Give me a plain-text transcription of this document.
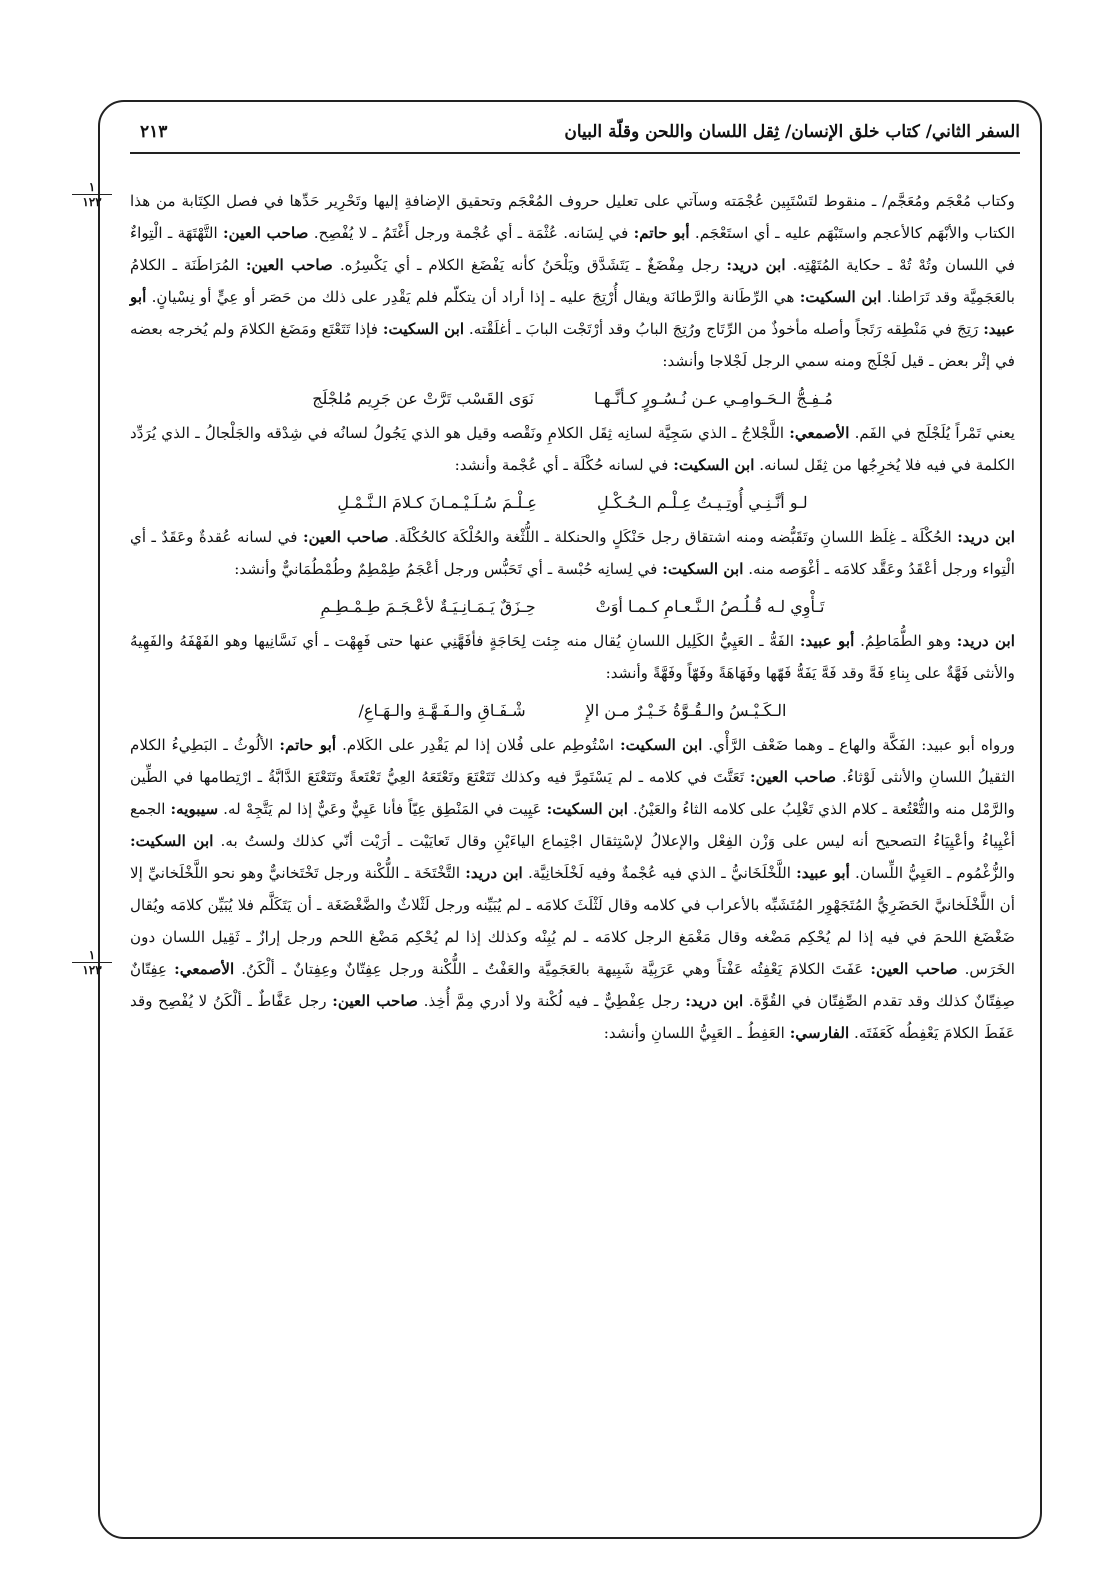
السفر الثاني/ كتاب خلق الإنسان/ ثِقل اللسان واللحن وقلّة البيان
٢١٣
١
١٢٢
١
١٢٣

وكتاب مُعْجَم ومُعَجَّم/ ـ منقوط لتَسْتَبِين عُجْمَته وسآتي على تعليل حروف المُعْجَم وتحقيق الإضافةِ إليها وتَحْرِير حَدِّها في فصل الكِتَابة من هذا الكتاب والأبْهَم كالأعجم واستَبْهَم عليه ـ أي استَعْجَم. أبو حاتم: في لِسَانه. عُثْمَة ـ أي عُجْمة ورجل أَغْتَمُ ـ لا يُفْصِح. صاحب العين: التَّهْتَهَة ـ الْتِواءٌ في اللسان وتُهْ تُهْ ـ حكاية المُتَهْتِه. ابن دريد: رجل مِفْضَغٌ ـ يَتَشَدَّق ويَلْحَنُ كأنه يَفْضَغ الكلام ـ أي يَكْسِرُه. صاحب العين: المُرَاطَنَة ـ الكلامُ بالعَجَمِيَّة وقد تَرَاطنا. ابن السكيت: هي الرِّطَانة والرَّطانَة ويقال أُرْتِجَ عليه ـ إذا أراد أن يتكلّم فلم يَقْدِر على ذلك من حَصَر أو عِيٍّ أو نِسْيانٍ. أبو عبيد: رَتِجَ في مَنْطِقه رَتَجاً وأصله مأخوذٌ من الرِّتَاج ورُتِجَ البابُ وقد أرْتَجْت البابَ ـ أغلَقْته. ابن السكيت: فإذا تَتَعْتَع ومَضَغ الكلامَ ولم يُخرجه بعضه في إثْر بعض ـ قيل لَجْلَج ومنه سمي الرجل لَجْلاجا وأنشد:

مُـفِـجُّ الـحَـوامِـي عـن نُـسُـورٍ كـأنَّـهـا
نَوَى القَسْب تَرَّتْ عن جَرِيم مُلجْلَج

يعني تَمْراً يُلَجْلَج في الفَم. الأصمعي: اللَّجْلاجُ ـ الذي سَجِيَّة لسانِه ثِقَل الكلامِ ونَقْصه وقيل هو الذي يَجُولُ لسانُه في شِدْقه والجَلْجالُ ـ الذي يُرَدِّد الكلمة في فيه فلا يُخرِجُها من ثِقَل لسانه. ابن السكيت: في لسانه حُكْلَة ـ أي عُجْمة وأنشد:

لـو أنَّـنِـي أُوتِـيـتُ عِـلْـم الـحُـكْـلِ
عِـلْـمَ سُـلَـيْـمـانَ كـلامَ الـنَّـمْـلِ

ابن دريد: الحُكْلَة ـ غِلَظ اللسانِ وتَقَبُّضه ومنه اشتقاق رجل حَنْكَلٍ والحنكلة ـ اللُّثْغة والحُلْكَة كالحُكْلَة. صاحب العين: في لسانه عُقدةٌ وعَقَدٌ ـ أي الْتِواء ورجل أعْقَدُ وعَقَّد كلامَه ـ أغْوَصه منه. ابن السكيت: في لِسانِه حُبْسة ـ أي تَحَبُّس ورجل أعْجَمُ طِمْطِمٌ وطُمْطُمَانيٌّ وأنشد:

تَـأْوِي لـه قُـلُـصُ الـنَّـعـامِ كـمـا أوَتْ
حِـزَقٌ يَـمَـانِـيَـةٌ لأعْـجَـمَ طِـمْـطِـمِ

ابن دريد: وهو الطُّمَاطِمُ. أبو عبيد: الفَهُّ ـ العَيِيُّ الكَلِيل اللسانِ يُقال منه جِئت لِحَاجَةٍ فأفَهَّنِي عنها حتى فَهِهْت ـ أي نَسَّانِيها وهو الفَهْفَهُ والفَهِيهُ والأنثى فَهَّةٌ على بِناءِ فَهَّ وقد فَهَّ يَفَهُّ فَهّها وفَهَاهَةً وفَهّاً وفَهَّةً وأنشد:

الـكَـيْـسُ والـقُـوَّةُ خَـيْـرٌ مـن الإِ
شْـفَـاقِ والـفَـهَّـةِ والـهَـاعِ/

ورواه أبو عبيد: الفَكَّة والهاع ـ وهما ضَعْف الرَّأْي. ابن السكيت: اسْتُوطِم على فُلان إذا لم يَقْدِر على الكَلام. أبو حاتم: الألُوثُ ـ البَطِيءُ الكلام الثقيلُ اللسانِ والأنثى لَوْثاءُ. صاحب العين: تَعَتَّتَ في كلامه ـ لم يَسْتَمِرَّ فيه وكذلك تَتَعْتَعَ وتَعْتَعَهُ العِيُّ تَعْتَعةً وتَتَعْتَعَ الدَّابَّةُ ـ ارْتِطامها في الطِّين والرَّمْل منه والتُّعْتُعة ـ كلام الذي تَغْلِبُ على كلامه الثاءُ والعَيْنُ. ابن السكيت: عَيِيت في المَنْطِق عِيّاً فأنا عَيِيٌّ وعَيٌّ إذا لم يَتَّجِهْ له. سيبويه: الجمع أغْيِياءُ وأعْيِيَاءُ التصحيح أنه ليس على وَزْن الفِعْل والإعلالُ لإسْتِثقال اجْتِماع الياءَيْنِ وقال تَعايَيْت ـ أرَيْت أنّي كذلك ولستُ به. ابن السكيت: والزُّغْمُوم ـ العَيِيُّ اللِّسان. أبو عبيد: اللَّخْلَخَانيُّ ـ الذي فيه عُجْمةٌ وفيه لَخْلَخانِيَّة. ابن دريد: التَّخْتَخَة ـ اللُّكْنة ورجل تَخْتَخانيٌّ وهو نحو اللَّخْلَخانيِّ إلا أن اللَّخْلَخانيَّ الحَضَرِيُّ المُتَجَهْوِر المُتَشَبِّه بالأعراب في كلامه وقال لَثْلَثَ كلامَه ـ لم يُبَيِّنه ورجل لَثْلاثٌ والضَّغْضَغَة ـ أن يَتَكَلَّم فلا يُبَيِّن كلامَه ويُقال ضَغْضَغ اللحمَ في فيه إذا لم يُحْكِم مَضْغه وقال مَغْمَغ الرجل كلامَه ـ لم يُبِنْه وكذلك إذا لم يُحْكِم مَضْغ اللحم ورجل إرازٌ ـ ثَقِيل اللسان دون الخَرَس. صاحب العين: عَفَتَ الكلامَ يَعْفِتُه عَفْتاً وهي عَرَبِيَّة شَبِيهة بالعَجَمِيَّة والعَفْتُ ـ اللُّكْنة ورجل عِفِتّانٌ وعِفِتانٌ ـ ألْكَنُ. الأصمعي: عِفِتّانٌ صِفِتّانٌ كذلك وقد تقدم الصِّفِتّان في القُوَّة. ابن دريد: رجل عِفْطِيٌّ ـ فيه لُكْنة ولا أدري مِمَّ أُخِذ. صاحب العين: رجل عَفَّاطٌ ـ ألْكَنُ لا يُفْصِح وقد عَفَطَ الكلامَ يَعْفِطُه كَعَفَتَه. الفارسي: العَفِطُ ـ العَيِيُّ اللسانِ وأنشد:
